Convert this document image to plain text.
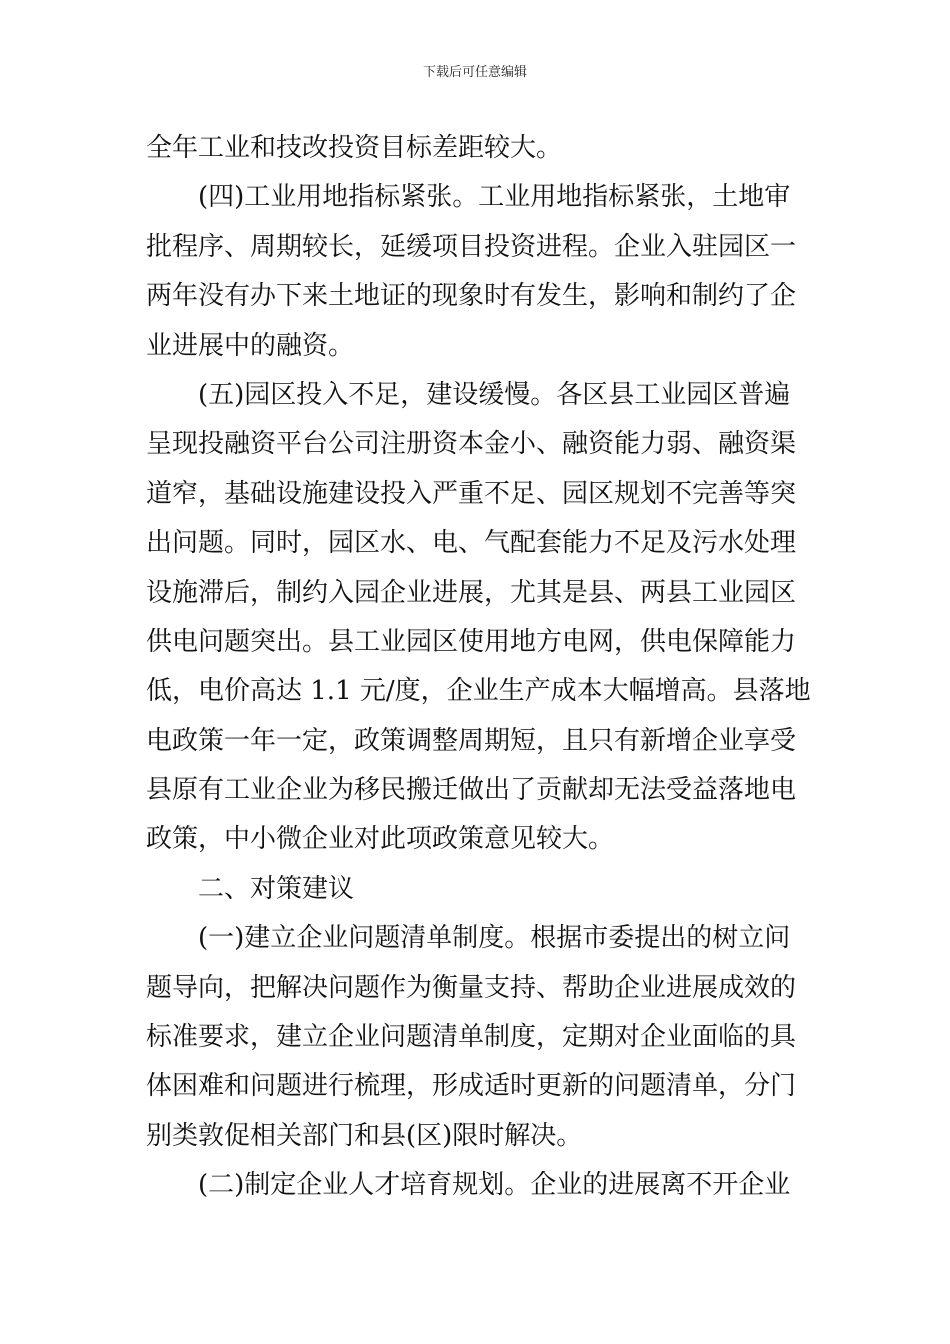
下载后可任意编辑
全年工业和技改投资目标差距较大。
(四)工业用地指标紧张。工业用地指标紧张，土地审
批程序、周期较长，延缓项目投资进程。企业入驻园区一
两年没有办下来土地证的现象时有发生，影响和制约了企
业进展中的融资。
(五)园区投入不足，建设缓慢。各区县工业园区普遍
呈现投融资平台公司注册资本金小、融资能力弱、融资渠
道窄，基础设施建设投入严重不足、园区规划不完善等突
出问题。同时，园区水、电、气配套能力不足及污水处理
设施滞后，制约入园企业进展，尤其是县、两县工业园区
供电问题突出。县工业园区使用地方电网，供电保障能力
低，电价高达 1.1 元/度，企业生产成本大幅增高。县落地
电政策一年一定，政策调整周期短，且只有新增企业享受
县原有工业企业为移民搬迁做出了贡献却无法受益落地电
政策，中小微企业对此项政策意见较大。
二、对策建议
(一)建立企业问题清单制度。根据市委提出的树立问
题导向，把解决问题作为衡量支持、帮助企业进展成效的
标准要求，建立企业问题清单制度，定期对企业面临的具
体困难和问题进行梳理，形成适时更新的问题清单，分门
别类敦促相关部门和县(区)限时解决。
(二)制定企业人才培育规划。企业的进展离不开企业
